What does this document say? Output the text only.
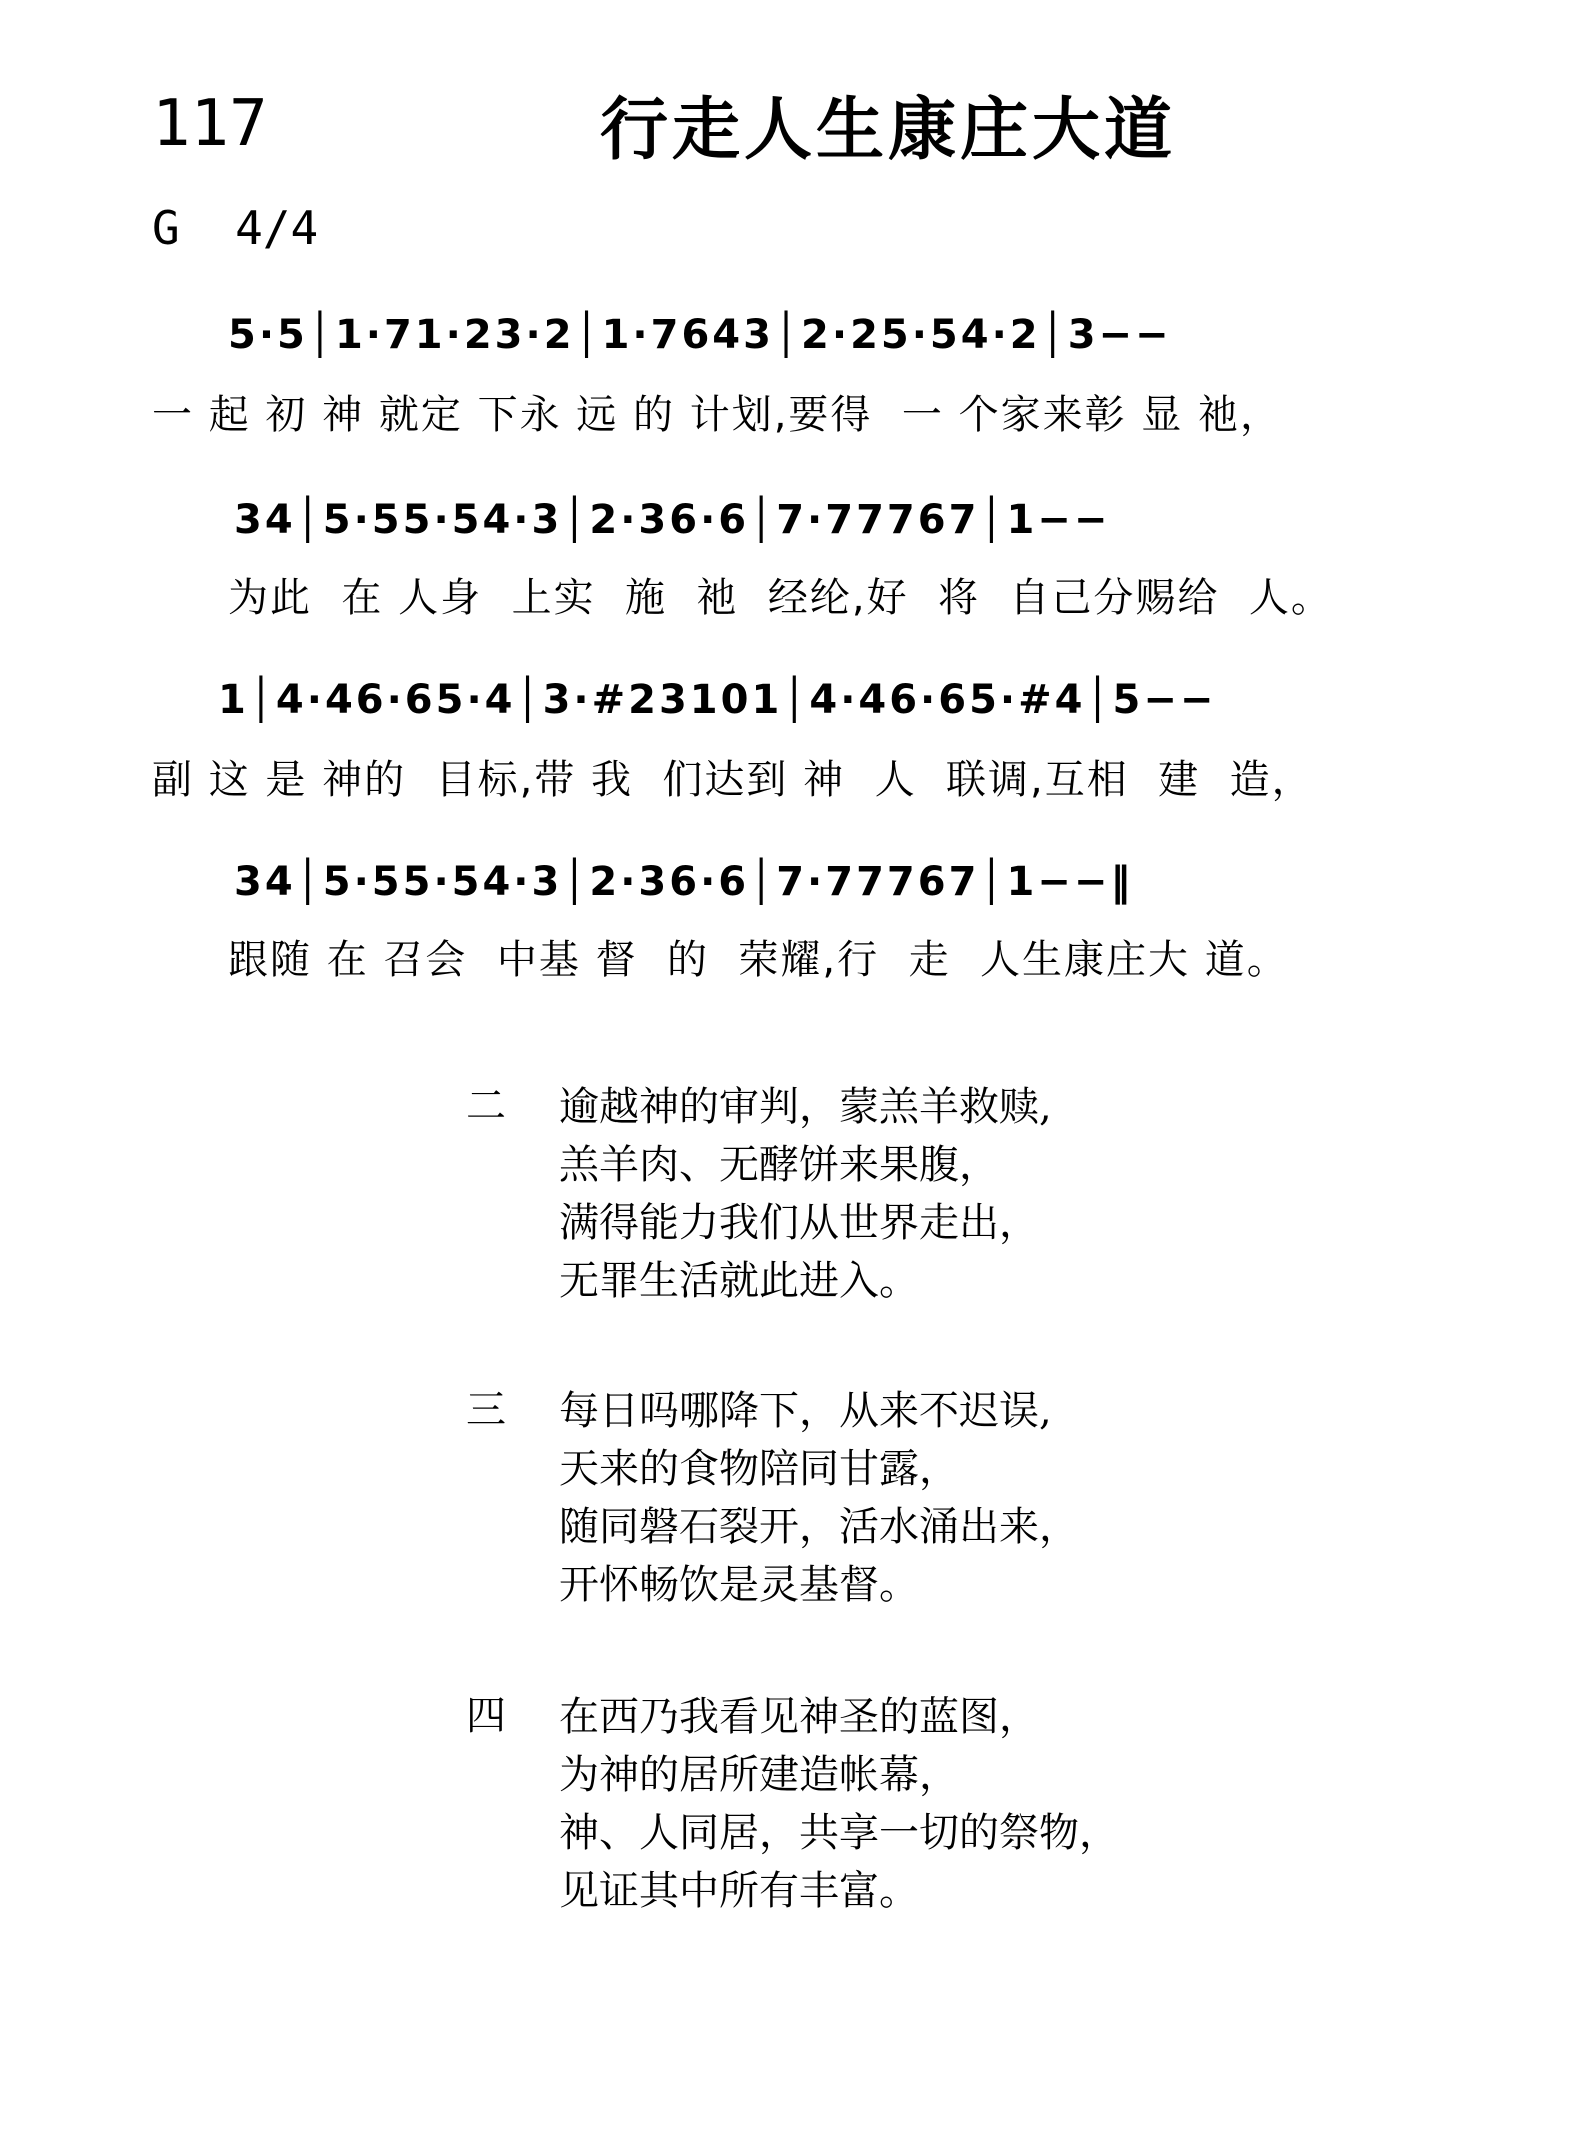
117	行走人生康庄大道
G  4/4
5·5│1·71·23·2│1·7643│2·25·54·2│3−−
一 起 初 神 就定 下永 远 的 计划,要得  一 个家来彰 显 祂，
34│5·55·54·3│2·36·6│7·77767│1−−
为此  在 人身  上实  施  祂  经纶,好  将  自己分赐给  人。
1│4·46·65·4│3·#23101│4·46·65·#4│5−−
副 这 是 神的  目标,带 我  们达到 神  人  联调,互相  建  造，
34│5·55·54·3│2·36·6│7·77767│1−−‖
跟随 在 召会  中基 督  的  荣耀,行  走  人生康庄大 道。
二 逾越神的审判，蒙羔羊救赎,
羔羊肉、无酵饼来果腹，
满得能力我们从世界走出，
无罪生活就此进入。
三 每日吗哪降下，从来不迟误,
天来的食物陪同甘露，
随同磐石裂开，活水涌出来，
开怀畅饮是灵基督。
四 在西乃我看见神圣的蓝图，
为神的居所建造帐幕，
神、人同居，共享一切的祭物，
见证其中所有丰富。
